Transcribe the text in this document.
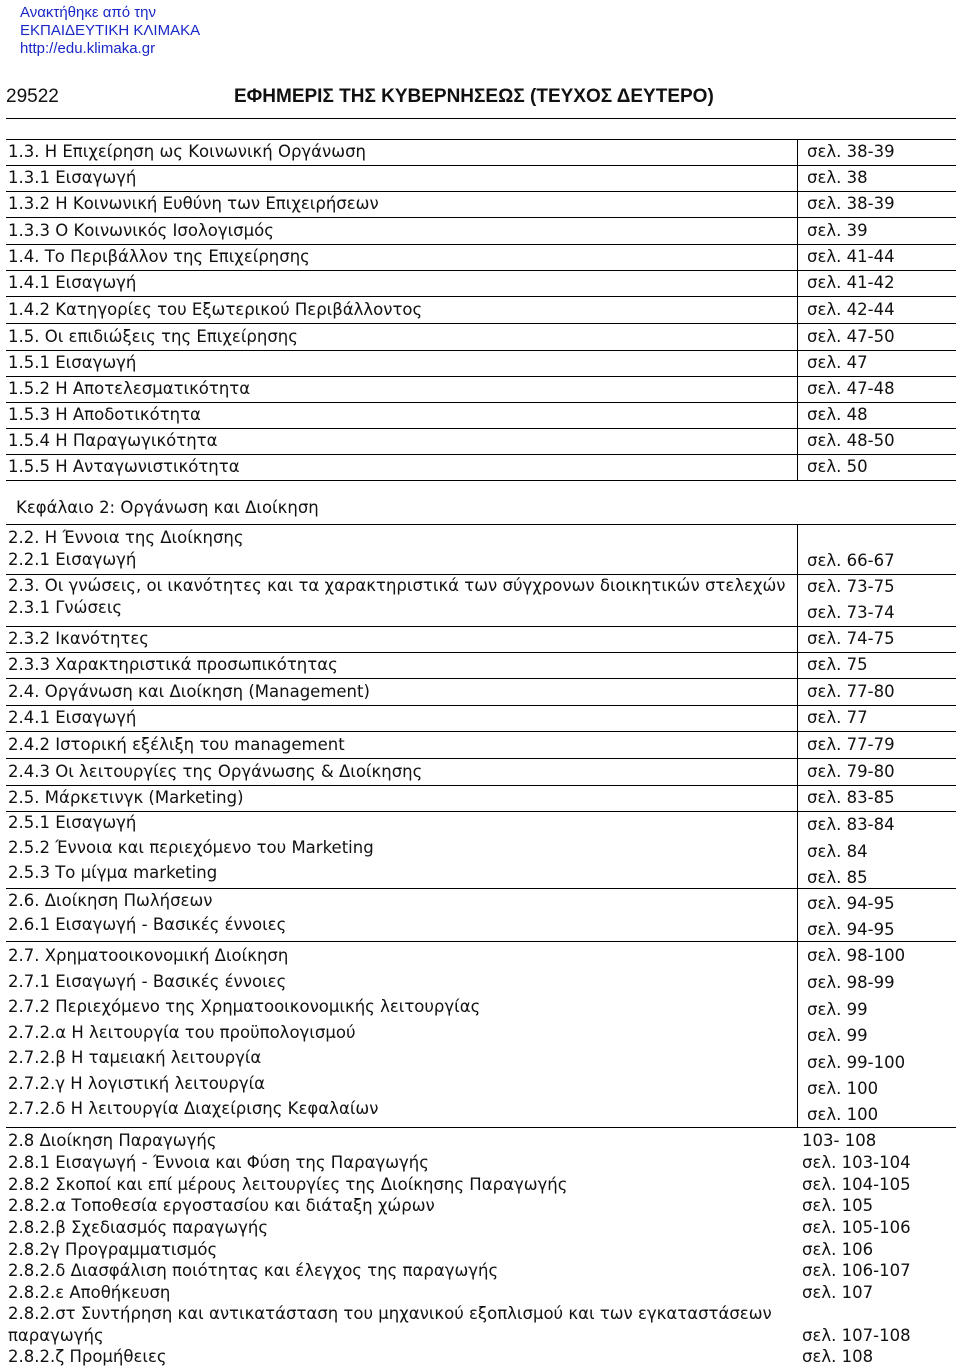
Ανακτήθηκε από την
ΕΚΠΑΙΔΕΥΤΙΚΗ ΚΛΙΜΑΚΑ
http://edu.klimaka.gr
29522	ΕΦΗΜΕΡΙΣ ΤΗΣ ΚΥΒΕΡΝΗΣΕΩΣ (ΤΕΥΧΟΣ ΔΕΥΤΕΡΟ)
1.3. Η Επιχείρηση ως Κοινωνική Οργάνωση	σελ. 38-39
1.3.1 Εισαγωγή	σελ. 38
1.3.2 Η Κοινωνική Ευθύνη των Επιχειρήσεων	σελ. 38-39
1.3.3 Ο Κοινωνικός Ισολογισμός	σελ. 39
1.4. Το Περιβάλλον της Επιχείρησης	σελ. 41-44
1.4.1 Εισαγωγή	σελ. 41-42
1.4.2 Κατηγορίες του Εξωτερικού Περιβάλλοντος	σελ. 42-44
1.5. Οι επιδιώξεις της Επιχείρησης	σελ. 47-50
1.5.1 Εισαγωγή	σελ. 47
1.5.2 Η Αποτελεσματικότητα	σελ. 47-48
1.5.3 Η Αποδοτικότητα	σελ. 48
1.5.4 Η Παραγωγικότητα	σελ. 48-50
1.5.5 Η Ανταγωνιστικότητα	σελ. 50
Κεφάλαιο 2: Οργάνωση και Διοίκηση
2.2. Η Έννοια της Διοίκησης
2.2.1 Εισαγωγή	σελ. 66-67
2.3. Οι γνώσεις, οι ικανότητες και τα χαρακτηριστικά των σύγχρονων διοικητικών στελεχών σελ. 73-75
2.3.1 Γνώσεις	σελ. 73-74
2.3.2 Ικανότητες	σελ. 74-75
2.3.3 Χαρακτηριστικά προσωπικότητας	σελ. 75
2.4. Οργάνωση και Διοίκηση (Management)	σελ. 77-80
2.4.1 Εισαγωγή	σελ. 77
2.4.2 Ιστορική εξέλιξη του management	σελ. 77-79
2.4.3 Οι λειτουργίες της Οργάνωσης & Διοίκησης	σελ. 79-80
2.5. Μάρκετινγκ (Marketing)	σελ. 83-85
2.5.1 Εισαγωγή	σελ. 83-84
2.5.2 Έννοια και περιεχόμενο του Marketing	σελ. 84
2.5.3 Το μίγμα marketing	σελ. 85
2.6. Διοίκηση Πωλήσεων	σελ. 94-95
2.6.1 Εισαγωγή - Βασικές έννοιες	σελ. 94-95
2.7. Χρηματοοικονομική Διοίκηση	σελ. 98-100
2.7.1 Εισαγωγή - Βασικές έννοιες	σελ. 98-99
2.7.2 Περιεχόμενο της Χρηματοοικονομικής λειτουργίας	σελ. 99
2.7.2.α Η λειτουργία του προϋπολογισμού	σελ. 99
2.7.2.β Η ταμειακή λειτουργία	σελ. 99-100
2.7.2.γ Η λογιστική λειτουργία	σελ. 100
2.7.2.δ Η λειτουργία Διαχείρισης Κεφαλαίων	σελ. 100
2.8 Διοίκηση Παραγωγής	103- 108
2.8.1 Εισαγωγή - Έννοια και Φύση της Παραγωγής	σελ. 103-104
2.8.2 Σκοποί και επί μέρους λειτουργίες της Διοίκησης Παραγωγής	σελ. 104-105
2.8.2.α Τοποθεσία εργοστασίου και διάταξη χώρων	σελ. 105
2.8.2.β Σχεδιασμός παραγωγής	σελ. 105-106
2.8.2γ Προγραμματισμός	σελ. 106
2.8.2.δ Διασφάλιση ποιότητας και έλεγχος της παραγωγής	σελ. 106-107
2.8.2.ε Αποθήκευση	σελ. 107
2.8.2.στ Συντήρηση και αντικατάσταση του μηχανικού εξοπλισμού και των εγκαταστάσεων
παραγωγής	σελ. 107-108
2.8.2.ζ Προμήθειες	σελ. 108
